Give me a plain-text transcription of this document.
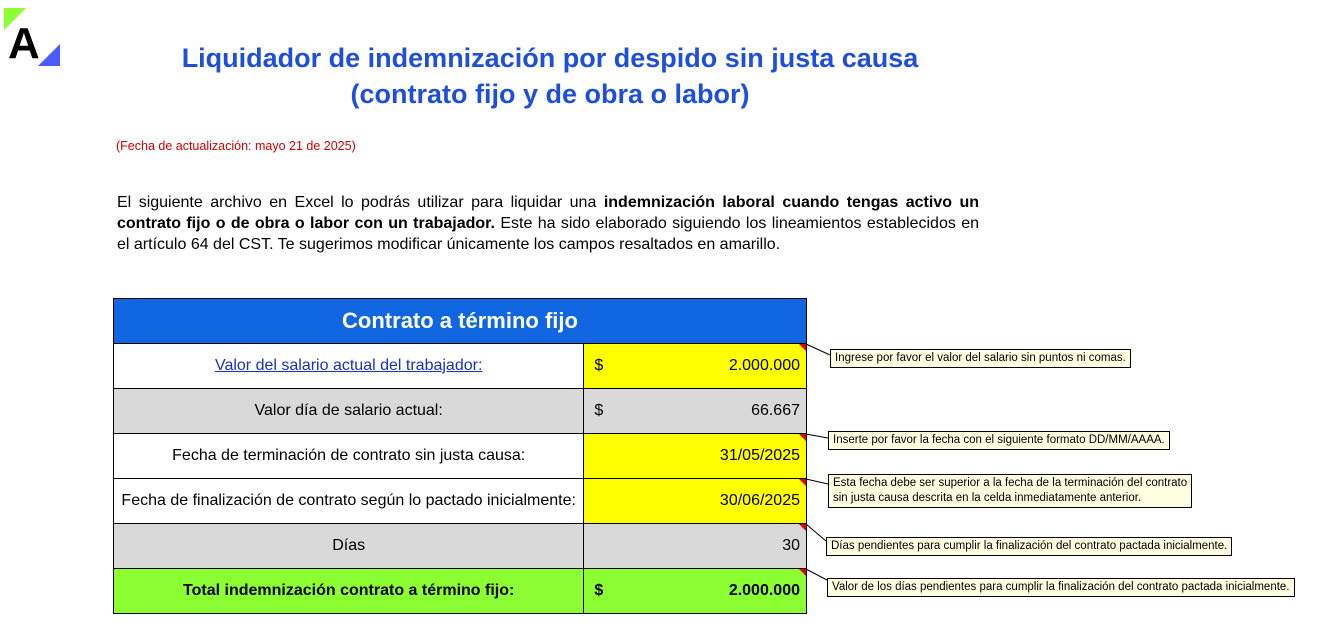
A	Liquidador de indemnización por despido sin justa causa
(contrato fijo y de obra o labor)
(Fecha de actualización: mayo 21 de 2025)
El siguiente archivo en Excel lo podrás utilizar para liquidar una indemnización laboral cuando tengas activo un contrato fijo o de obra o labor con un trabajador. Este ha sido elaborado siguiendo los lineamientos establecidos en el artículo 64 del CST. Te sugerimos modificar únicamente los campos resaltados en amarillo.
Contrato a término fijo	
Valor del salario actual del trabajador:	$ 2.000.000

Valor día de salario actual:	$ 66.667

Fecha de terminación de contrato sin justa causa:	31/05/2025

Fecha de finalización de contrato según lo pactado inicialmente:	30/06/2025

Días	30

Total indemnización contrato a término fijo:	$ 2.000.000
Ingrese por favor el valor del salario sin puntos ni comas.
Inserte por favor la fecha con el siguiente formato DD/MM/AAAA.
Esta fecha debe ser superior a la fecha de la terminación del contrato
sin justa causa descrita en la celda inmediatamente anterior.
Días pendientes para cumplir la finalización del contrato pactada inicialmente.
Valor de los días pendientes para cumplir la finalización del contrato pactada inicialmente.
